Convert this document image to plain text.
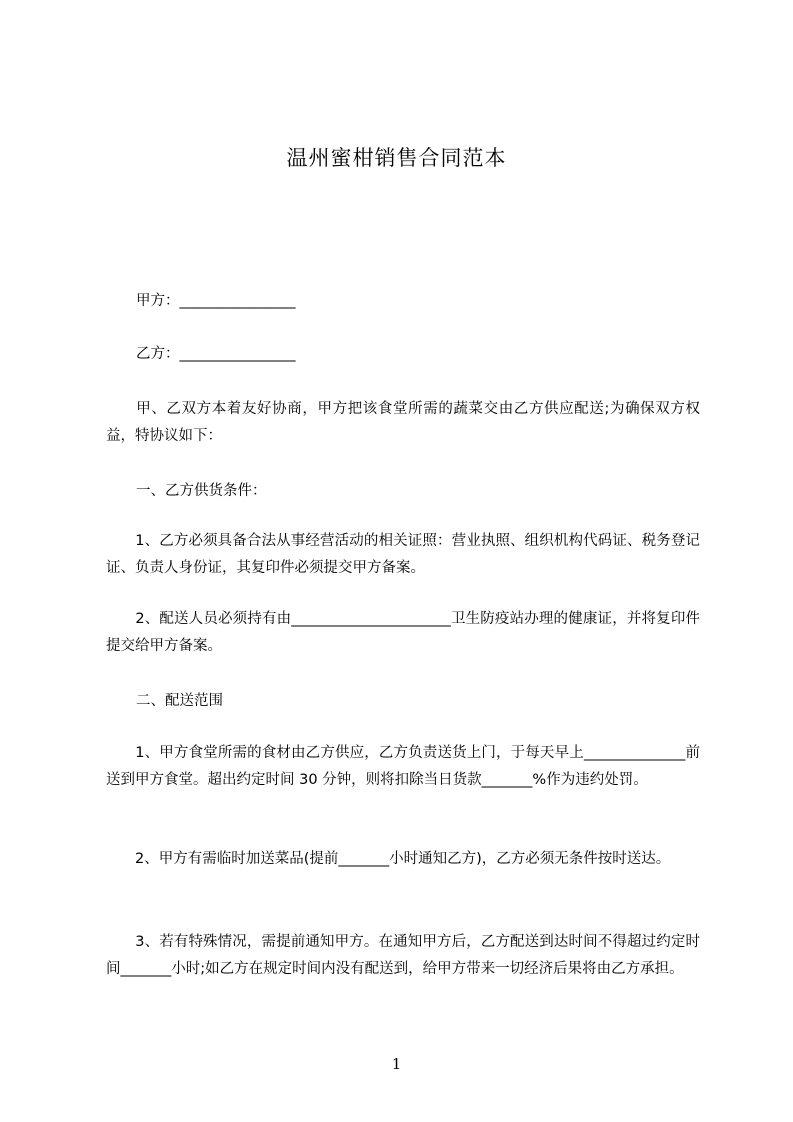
温州蜜柑销售合同范本
甲方：________________
乙方：________________
　　甲、乙双方本着友好协商，甲方把该食堂所需的蔬菜交由乙方供应配送;为确保双方权益，特协议如下：
一、乙方供货条件：
　　1、乙方必须具备合法从事经营活动的相关证照：营业执照、组织机构代码证、税务登记证、负责人身份证，其复印件必须提交甲方备案。
　　2、配送人员必须持有由______________________卫生防疫站办理的健康证，并将复印件提交给甲方备案。
二、配送范围
　　1、甲方食堂所需的食材由乙方供应，乙方负责送货上门，于每天早上______________前送到甲方食堂。超出约定时间 30 分钟，则将扣除当日货款_______%作为违约处罚。
　　2、甲方有需临时加送菜品(提前_______小时通知乙方)，乙方必须无条件按时送达。
　　3、若有特殊情况，需提前通知甲方。在通知甲方后，乙方配送到达时间不得超过约定时间_______小时;如乙方在规定时间内没有配送到，给甲方带来一切经济后果将由乙方承担。
1
